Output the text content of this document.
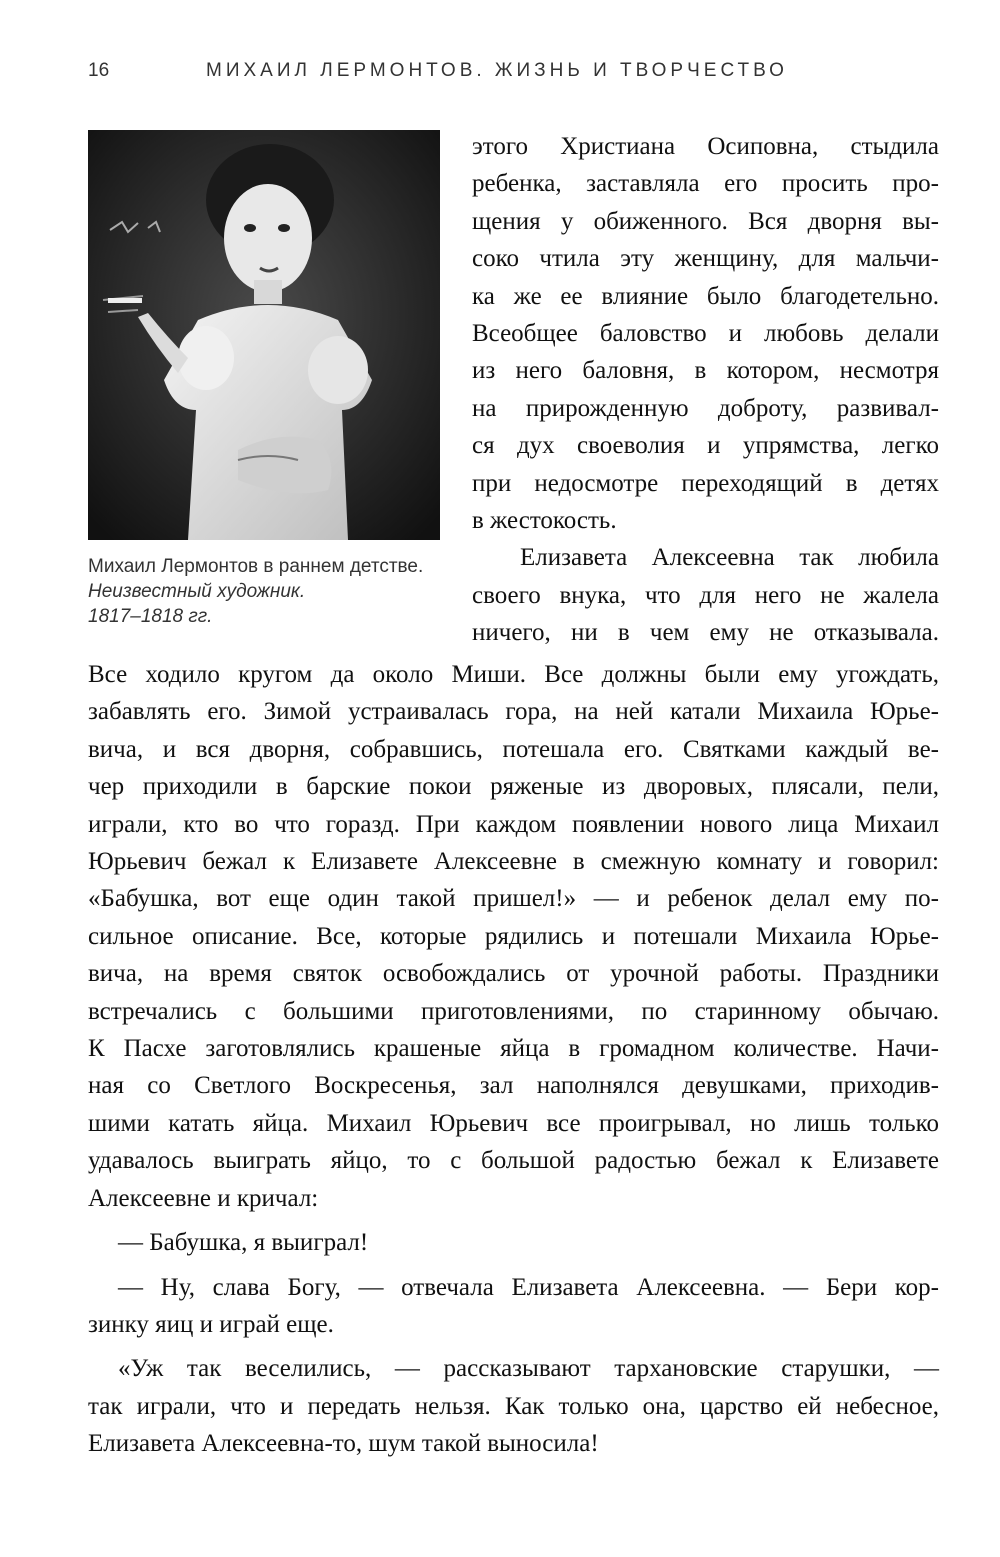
16	МИХАИЛ ЛЕРМОНТОВ. ЖИЗНЬ И ТВОРЧЕСТВО
Михаил Лермонтов в раннем детстве.
Неизвестный художник.
1817–1818 гг.

этого Христиана Осиповна, стыдила

ребенка, заставляла его просить про-

щения у обиженного. Вся дворня вы-

соко чтила эту женщину, для мальчи-

ка же ее влияние было благодетельно.

Всеобщее баловство и любовь делали

из него баловня, в котором, несмотря

на прирожденную доброту, развивал-

ся дух своеволия и упрямства, легко

при недосмотре переходящий в детях

в жестокость.

Елизавета Алексеевна так любила

своего внука, что для него не жалела

ничего, ни в чем ему не отказывала.

Все ходило кругом да около Миши. Все должны были ему угождать,

забавлять его. Зимой устраивалась гора, на ней катали Михаила Юрье-

вича, и вся дворня, собравшись, потешала его. Святками каждый ве-

чер приходили в барские покои ряженые из дворовых, плясали, пели,

играли, кто во что горазд. При каждом появлении нового лица Михаил

Юрьевич бежал к Елизавете Алексеевне в смежную комнату и говорил:

«Бабушка, вот еще один такой пришел!» — и ребенок делал ему по-

сильное описание. Все, которые рядились и потешали Михаила Юрье-

вича, на время святок освобождались от урочной работы. Праздники

встречались с большими приготовлениями, по старинному обычаю.

К Пасхе заготовлялись крашеные яйца в громадном количестве. Начи-

ная со Светлого Воскресенья, зал наполнялся девушками, приходив-

шими катать яйца. Михаил Юрьевич все проигрывал, но лишь только

удавалось выиграть яйцо, то с большой радостью бежал к Елизавете

Алексеевне и кричал:

— Бабушка, я выиграл!

— Ну, слава Богу, — отвечала Елизавета Алексеевна. — Бери кор-

зинку яиц и играй еще.

«Уж так веселились, — рассказывают тархановские старушки, —

так играли, что и передать нельзя. Как только она, царство ей небесное,

Елизавета Алексеевна-то, шум такой выносила!
